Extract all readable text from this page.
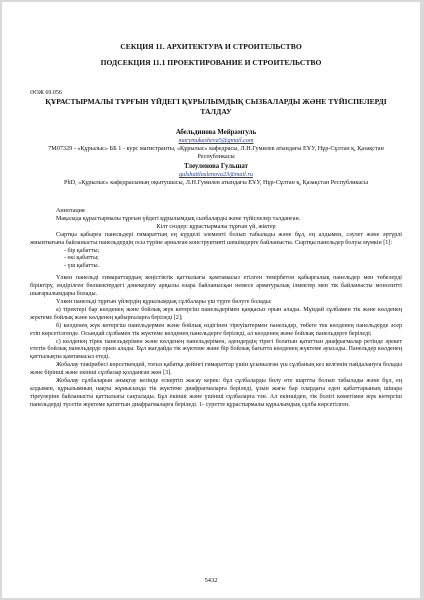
СЕКЦИЯ 11. АРХИТЕКТУРА И СТРОИТЕЛЬСТВО
ПОДСЕКЦИЯ 11.1 ПРОЕКТИРОВАНИЕ И СТРОИТЕЛЬСТВО
ӘОЖ 69.056
ҚҰРАСТЫРМАЛЫ ТҰРҒЫН ҮЙДЕГІ ҚҰРЫЛЫМДЫҚ СЫЗБАЛАРДЫ ЖӘНЕ ТҮЙІСПЕЛЕРДІ ТАЛДАУ
Абельдинова Мейрамгуль
marymukasheva5@gmail.com
7М07329 - «Құрылыс» ББ 1 - курс магистранты, «Құрылыс» кафедрасы, Л.Н.Гумилев атындағы ЕҰУ, Нұр-Сұлтан қ, Қазақстан Республикасы
Тлеуленова Гульшат
gulshattleulenova23@mail.ru
PhD, «Құрылыс» кафедрасының оқытушысы, Л.Н.Гумилев атындағы ЕҰУ, Нұр-Сұлтан қ, Қазақстан Республикасы

Аннотация

Мақалада құрастырмалы тұрғын үйдегі құрылымдық сызбаларды және түйіспелер талданған.

Кілт сөздер: құрастырмалы тұрғын үй, жіктер

Сыртқы қабырға панельдері ғимараттың ең күрделі элементі болып табылады және бұл, ең алдымен, сәулет және әртүрлі жиынтығына байланысты панельдердің осы түріне арналған конструктивті шешімдерге байланысты. Сыртқы панельдер болуы мүмкін [1]:

- бір қабатты;

- екі қабатты;

- үш қабатты.

Үлкен панельді ғимараттардың кеңістіктік қаттылығы қамтамасыз етілген темірбетон қабырғалық панельдер мен төбелерді біріктіру, ендірілген бөлшектердегі дәнекерлеу арқылы өзара байланысқан немесе арматуралық ілмектер мен тік байланысты монолитті шығарылымдары болады.

Үлкен панельді тұрғын үйлердің құрылымдық сұлбалары үш түрге бөлуге болады:

а) тіректері бар көлденең және бойлық жүк көтергіш панельдерімен қаңқасыз орын алады. Мұндай сұлбамен тік және көлденең жүктеме бойлық және көлденең қабырғаларға беріледі [2];

б) көлденең жүк көтергіш панельдермен және бойлық өздігінен тіреуіштермен панельдер, төбеге тек көлденең панельдерде әсер етіп көрсетілгенде. Осындай сұлбамен тік жүктеме көлденең панельдерге беріледі, ал көлденең және бойлық панельдерге беріледі;

с) көлденең тірек панельдерімен және көлденең панельдерімен, әдендердің тірегі болатын қататтын диафрагмалар ретінде әрекет ететін бойлық панельдерде орын алады. Бұл жағдайда тік жүктеме және бір бойлық бағытта көлденең жүктеме ауысады. Панельдер көлденең қаттылықты қамтамасыз етеді.

Жобалау тәжірибесі көрсеткендей, тоғыз қабатқа дейінгі ғимараттар үшін ұсынылған үш сұлбаның кез келгенін пайдалануға болады және бірінші және екінші сұлбалар қолданған жөн [3].

Жобалау сұлбаларын анықтау кезінде ескертіп жасау керек: бұл сұлбаларды бөлу өте шартты болып табылады және бұл, ең алдымен, құрылымның нақты жұмысында тік жүктеме диафрагмаларға беріледі, ұзын жағы бар олардағы еден қабаттарының шінара тіреулеріне байланысты қаттылығы сақталады. Бұл екінші және үшінші сұлбаларға тән. Ал екіншіден, тік болігі көмегімен жүк көтергіш панельдерді түсетін жүктеме қататтын диафрагмаларға беріледі. 1- суретте құрастырмалы құрылымдық сұлба көрсетілген.

5432
